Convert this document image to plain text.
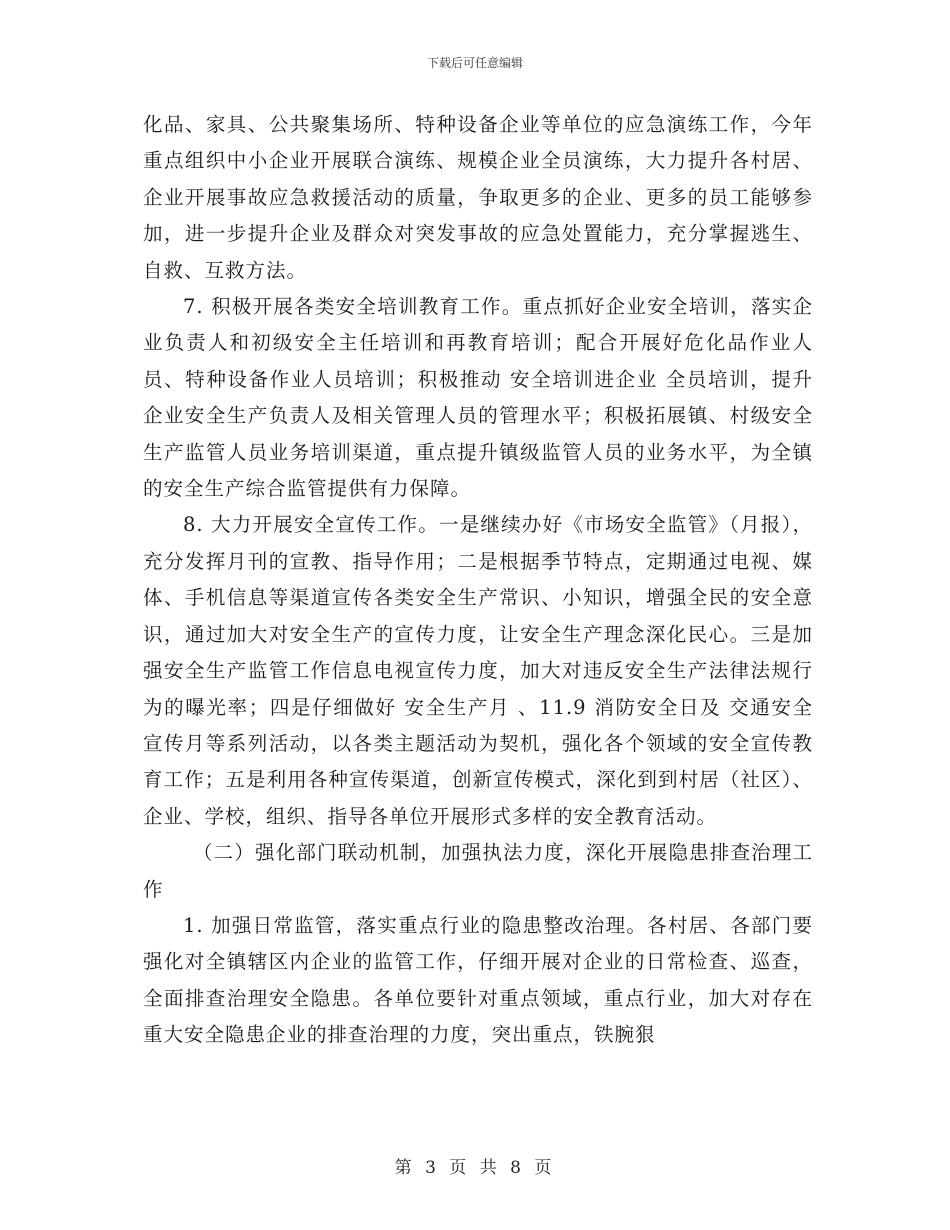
下载后可任意编辑

化品、家具、公共聚集场所、特种设备企业等单位的应急演练工作，今年重点组织中小企业开展联合演练、规模企业全员演练，大力提升各村居、企业开展事故应急救援活动的质量，争取更多的企业、更多的员工能够参加，进一步提升企业及群众对突发事故的应急处置能力，充分掌握逃生、自救、互救方法。

7. 积极开展各类安全培训教育工作。重点抓好企业安全培训，落实企业负责人和初级安全主任培训和再教育培训；配合开展好危化品作业人员、特种设备作业人员培训；积极推动 安全培训进企业 全员培训，提升企业安全生产负责人及相关管理人员的管理水平；积极拓展镇、村级安全生产监管人员业务培训渠道，重点提升镇级监管人员的业务水平，为全镇的安全生产综合监管提供有力保障。

8. 大力开展安全宣传工作。一是继续办好《市场安全监管》（月报），充分发挥月刊的宣教、指导作用；二是根据季节特点，定期通过电视、媒体、手机信息等渠道宣传各类安全生产常识、小知识，增强全民的安全意识，通过加大对安全生产的宣传力度，让安全生产理念深化民心。三是加强安全生产监管工作信息电视宣传力度，加大对违反安全生产法律法规行为的曝光率；四是仔细做好 安全生产月 、11.9 消防安全日及 交通安全 宣传月等系列活动，以各类主题活动为契机，强化各个领域的安全宣传教育工作；五是利用各种宣传渠道，创新宣传模式，深化到到村居（社区）、企业、学校，组织、指导各单位开展形式多样的安全教育活动。

（二）强化部门联动机制，加强执法力度，深化开展隐患排查治理工作

1. 加强日常监管，落实重点行业的隐患整改治理。各村居、各部门要强化对全镇辖区内企业的监管工作，仔细开展对企业的日常检查、巡查，全面排查治理安全隐患。各单位要针对重点领域，重点行业，加大对存在重大安全隐患企业的排查治理的力度，突出重点，铁腕狠

第 3 页 共 8 页
